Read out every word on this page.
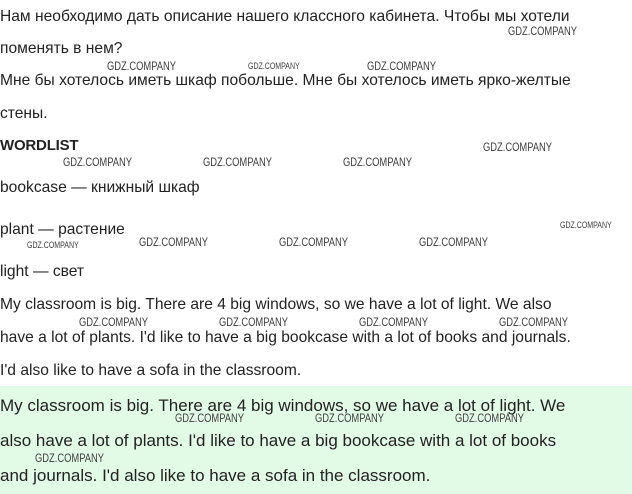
Нам необходимо дать описание нашего классного кабинета. Чтобы мы хотели
поменять в нем?
Мне бы хотелось иметь шкаф побольше. Мне бы хотелось иметь ярко-желтые
стены.
WORDLIST
bookcase — книжный шкаф
plant — растение
light — свет
My classroom is big. There are 4 big windows, so we have a lot of light. We also
have a lot of plants. I'd like to have a big bookcase with a lot of books and journals.
I'd also like to have a sofa in the classroom.
My classroom is big. There are 4 big windows, so we have a lot of light. We
also have a lot of plants. I'd like to have a big bookcase with a lot of books
and journals. I'd also like to have a sofa in the classroom.
GDZ.COMPANY
GDZ.COMPANY	GDZ.COMPANY	GDZ.COMPANY
GDZ.COMPANY
GDZ.COMPANY	GDZ.COMPANY	GDZ.COMPANY
GDZ.COMPANY
GDZ.COMPANY	GDZ.COMPANY	GDZ.COMPANY	GDZ.COMPANY
GDZ.COMPANY	GDZ.COMPANY	GDZ.COMPANY	GDZ.COMPANY
GDZ.COMPANY	GDZ.COMPANY	GDZ.COMPANY
GDZ.COMPANY
